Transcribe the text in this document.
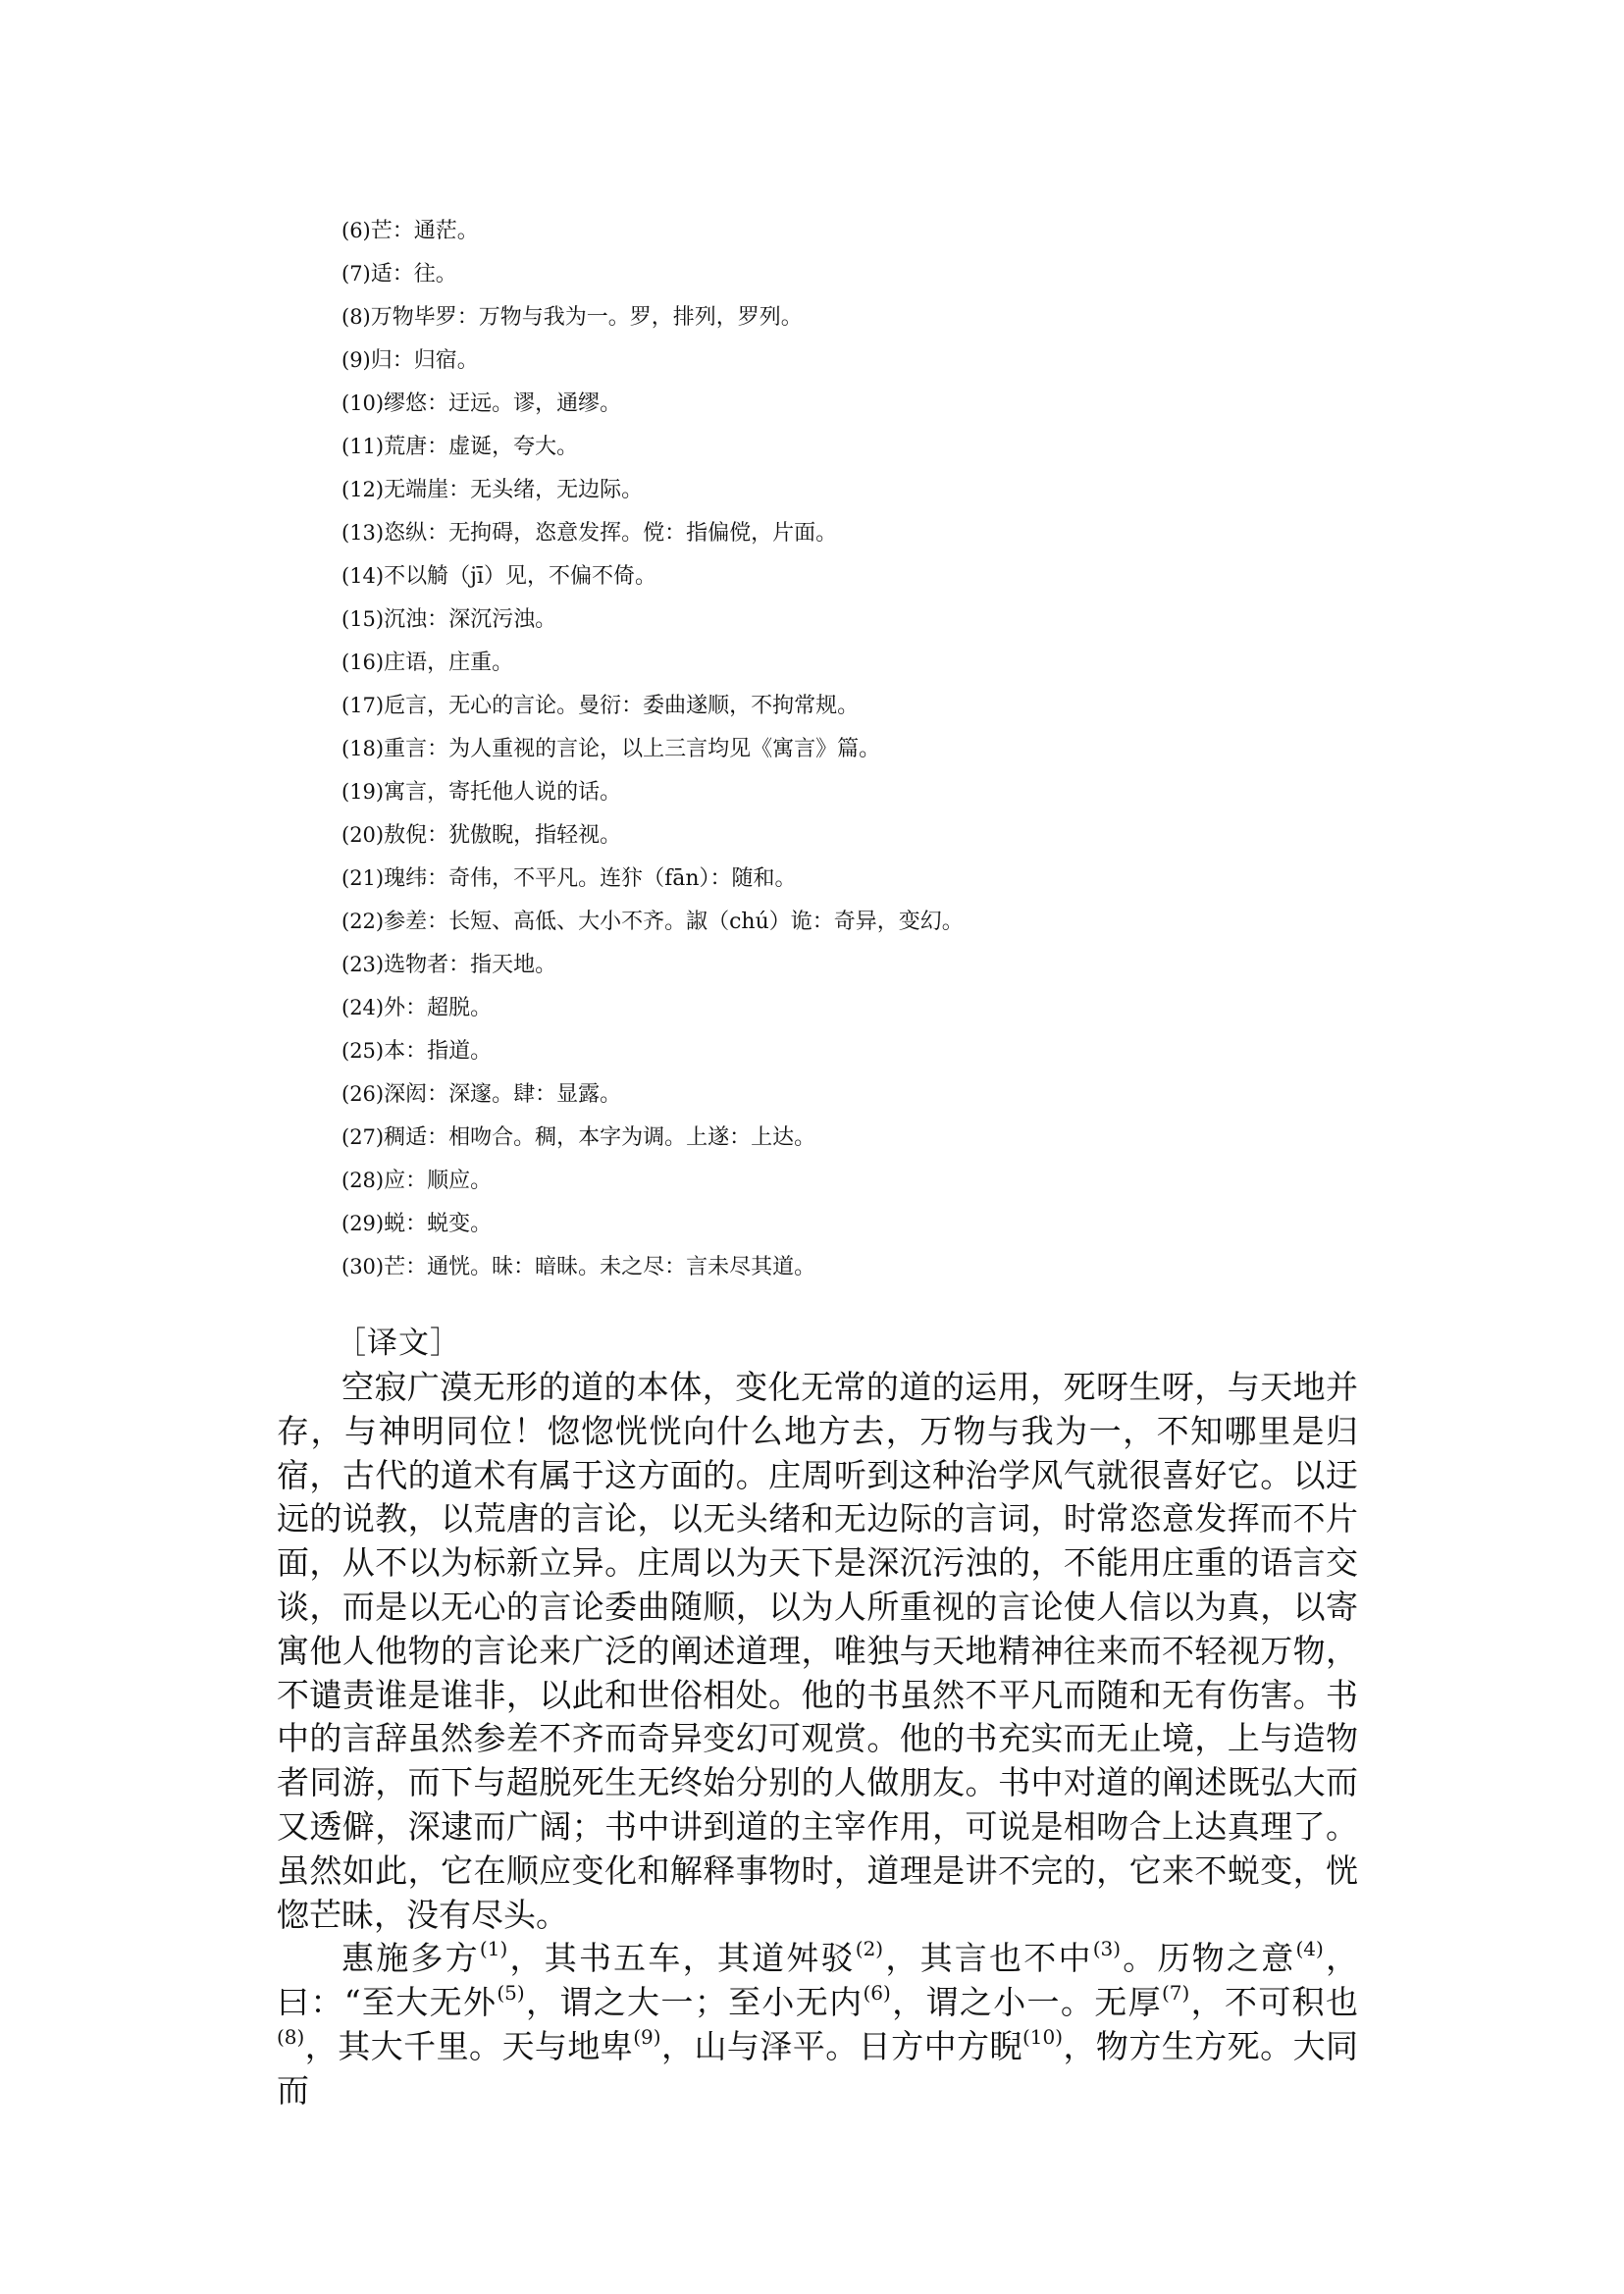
(6)芒：通茫。
(7)适：往。
(8)万物毕罗：万物与我为一。罗，排列，罗列。
(9)归：归宿。
(10)缪悠：迂远。谬，通缪。
(11)荒唐：虚诞，夸大。
(12)无端崖：无头绪，无边际。
(13)恣纵：无拘碍，恣意发挥。傥：指偏傥，片面。
(14)不以觭（jī）见，不偏不倚。
(15)沉浊：深沉污浊。
(16)庄语，庄重。
(17)卮言，无心的言论。曼衍：委曲遂顺，不拘常规。
(18)重言：为人重视的言论，以上三言均见《寓言》篇。
(19)寓言，寄托他人说的话。
(20)敖倪：犹傲睨，指轻视。
(21)瑰纬：奇伟，不平凡。连犿（fān）：随和。
(22)参差：长短、高低、大小不齐。諔（chú）诡：奇异，变幻。
(23)选物者：指天地。
(24)外：超脱。
(25)本：指道。
(26)深闳：深邃。肆：显露。
(27)稠适：相吻合。稠，本字为调。上遂：上达。
(28)应：顺应。
(29)蜕：蜕变。
(30)芒：通恍。昧：暗昧。未之尽：言未尽其道。
［译文］

空寂广漠无形的道的本体，变化无常的道的运用，死呀生呀，与天地并存，与神明同位！惚惚恍恍向什么地方去，万物与我为一，不知哪里是归宿，古代的道术有属于这方面的。庄周听到这种治学风气就很喜好它。以迂远的说教，以荒唐的言论，以无头绪和无边际的言词，时常恣意发挥而不片面，从不以为标新立异。庄周以为天下是深沉污浊的，不能用庄重的语言交谈，而是以无心的言论委曲随顺，以为人所重视的言论使人信以为真，以寄寓他人他物的言论来广泛的阐述道理，唯独与天地精神往来而不轻视万物，不谴责谁是谁非，以此和世俗相处。他的书虽然不平凡而随和无有伤害。书中的言辞虽然参差不齐而奇异变幻可观赏。他的书充实而无止境，上与造物者同游，而下与超脱死生无终始分别的人做朋友。书中对道的阐述既弘大而又透僻，深逮而广阔；书中讲到道的主宰作用，可说是相吻合上达真理了。虽然如此，它在顺应变化和解释事物时，道理是讲不完的，它来不蜕变，恍惚芒昧，没有尽头。

惠施多方$^{(1)}$，其书五车，其道舛驳$^{(2)}$，其言也不中$^{(3)}$。历物之意$^{(4)}$，曰：“至大无外$^{(5)}$，谓之大一；至小无内$^{(6)}$，谓之小一。无厚$^{(7)}$，不可积也$^{(8)}$，其大千里。天与地卑$^{(9)}$，山与泽平。日方中方睨$^{(10)}$，物方生方死。大同而
